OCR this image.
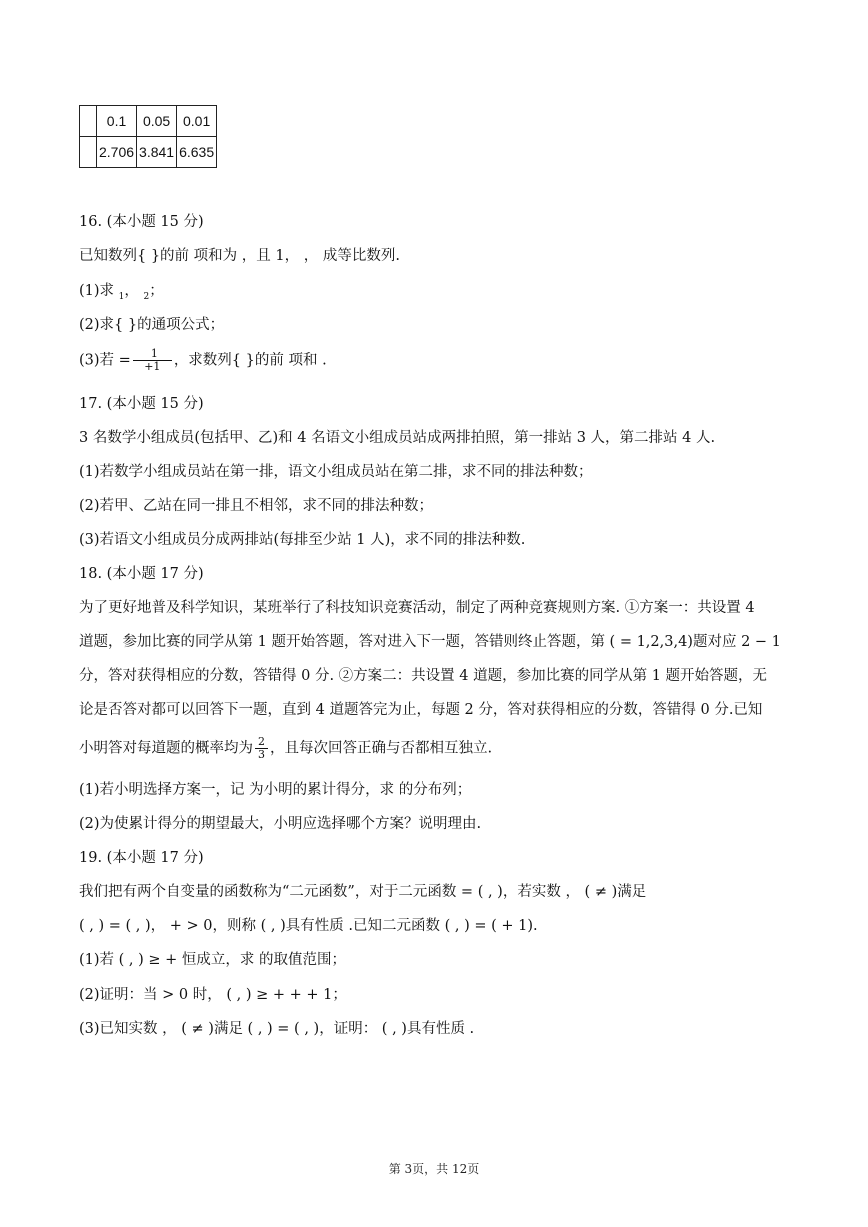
	0.1	0.05	0.01
	2.706	3.841	6.635
16. (本小题 15 分)
已知数列{ }的前 项和为 ，且 1， ， 成等比数列.
(1)求 $_1$， $_2$；
(2)求{ }的通项公式；
(3)若 = $\frac{1}{+1}$ ，求数列{ }的前 项和 .
17. (本小题 15 分)
3 名数学小组成员(包括甲、乙)和 4 名语文小组成员站成两排拍照，第一排站 3 人，第二排站 4 人.
(1)若数学小组成员站在第一排，语文小组成员站在第二排，求不同的排法种数；
(2)若甲、乙站在同一排且不相邻，求不同的排法种数；
(3)若语文小组成员分成两排站(每排至少站 1 人)，求不同的排法种数.
18. (本小题 17 分)
为了更好地普及科学知识，某班举行了科技知识竞赛活动，制定了两种竞赛规则方案. ①方案一：共设置 4
道题，参加比赛的同学从第 1 题开始答题，答对进入下一题，答错则终止答题，第 ( = 1,2,3,4)题对应 2 − 1
分，答对获得相应的分数，答错得 0 分. ②方案二：共设置 4 道题，参加比赛的同学从第 1 题开始答题，无
论是否答对都可以回答下一题，直到 4 道题答完为止，每题 2 分，答对获得相应的分数，答错得 0 分.已知
小明答对每道题的概率均为 $\frac{2}{3}$ ，且每次回答正确与否都相互独立.
(1)若小明选择方案一，记 为小明的累计得分，求 的分布列；
(2)为使累计得分的期望最大，小明应选择哪个方案？说明理由.
19. (本小题 17 分)
我们把有两个自变量的函数称为“二元函数”，对于二元函数 = ( , )，若实数 ， ( ≠ )满足
( , ) = ( , )， + > 0，则称 ( , )具有性质 .已知二元函数 ( , ) = ( + 1).
(1)若 ( , ) ≥ + 恒成立，求 的取值范围；
(2)证明：当 > 0 时， ( , ) ≥ + + + 1；
(3)已知实数 ， ( ≠ )满足 ( , ) = ( , )，证明： ( , )具有性质 .
第 3页，共 12页
